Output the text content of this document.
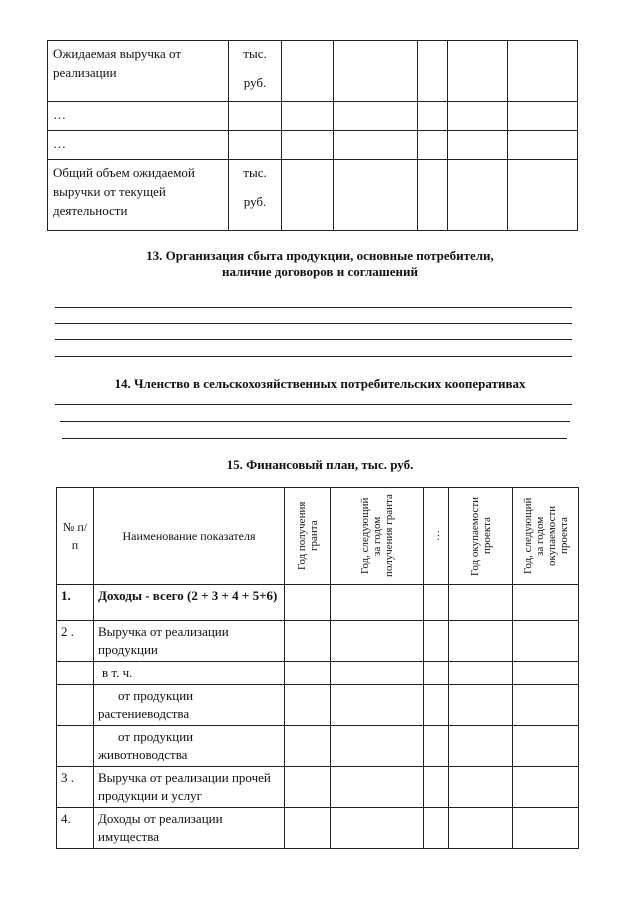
Ожидаемая выручка от реализации	тыс.
руб.					

…						
…						
Общий объем ожидаемой выручки от текущей деятельности	тыс.
руб.					

13. Организация сбыта продукции, основные потребители,
наличие договоров и соглашений
14. Членство в сельскохозяйственных потребительских кооперативах
15. Финансовый план, тыс. руб.
№ п/п	Наименование показателя	Год получения гранта	Год, следующий за годом получения гранта	…	Год окупаемости проекта	Год, следующий за годом окупаемости проекта

1.	Доходы - всего (2 + 3 + 4 + 5+6)					
2 .	Выручка от реализации продукции					
	в т. ч.					
	от продукции растениеводства					
	от продукции животноводства					
3 .	Выручка от реализации прочей продукции и услуг					
4.	Доходы от реализации имущества					
